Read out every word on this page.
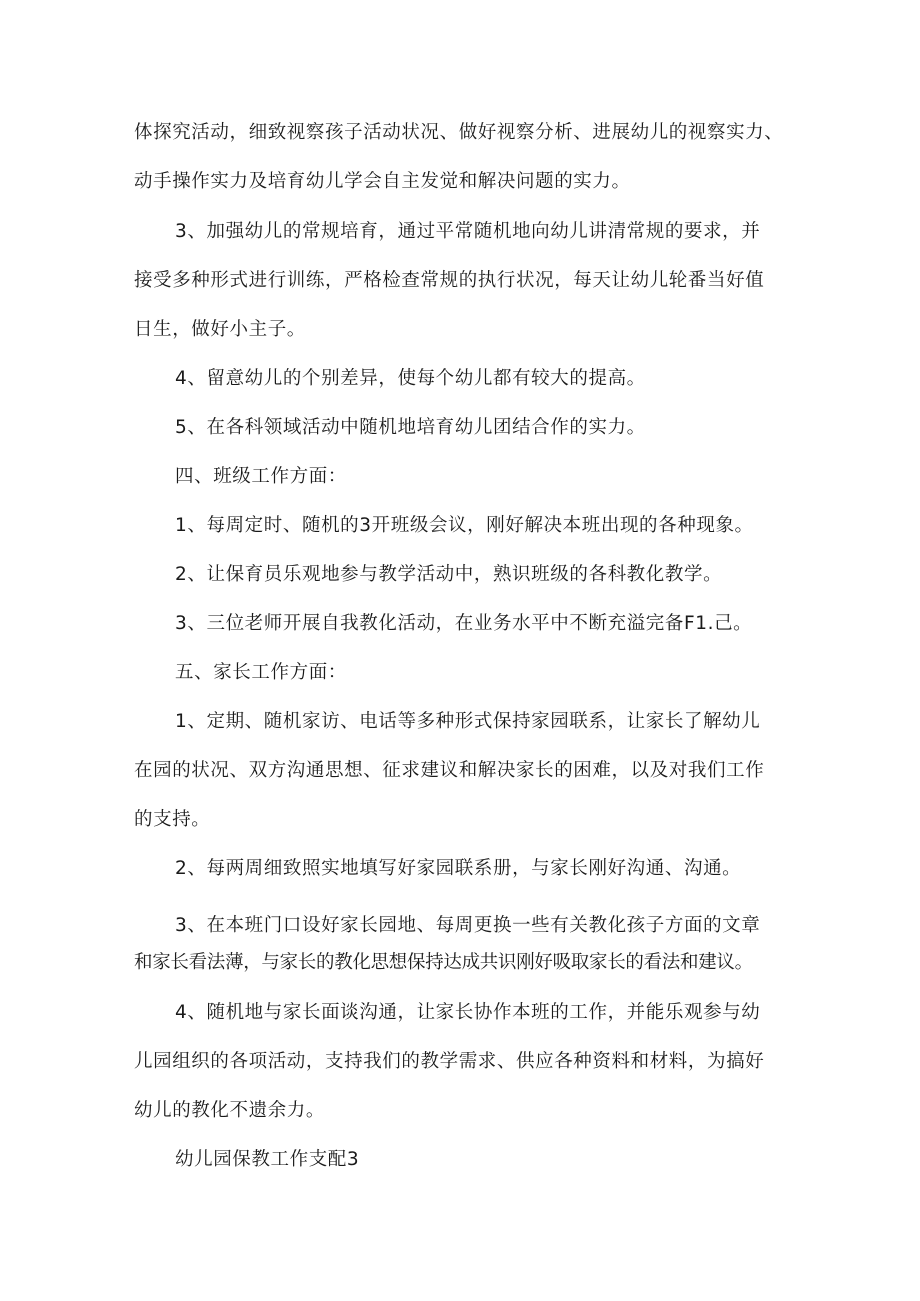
体探究活动，细致视察孩子活动状况、做好视察分析、进展幼儿的视察实力、
动手操作实力及培育幼儿学会自主发觉和解决问题的实力。
3、加强幼儿的常规培育，通过平常随机地向幼儿讲清常规的要求，并
接受多种形式进行训练，严格检查常规的执行状况，每天让幼儿轮番当好值
日生，做好小主子。
4、留意幼儿的个别差异，使每个幼儿都有较大的提高。
5、在各科领域活动中随机地培育幼儿团结合作的实力。
四、班级工作方面：
1、每周定时、随机的3开班级会议，刚好解决本班出现的各种现象。
2、让保育员乐观地参与教学活动中，熟识班级的各科教化教学。
3、三位老师开展自我教化活动，在业务水平中不断充溢完备F1.己。
五、家长工作方面：
1、定期、随机家访、电话等多种形式保持家园联系，让家长了解幼儿
在园的状况、双方沟通思想、征求建议和解决家长的困难，以及对我们工作
的支持。
2、每两周细致照实地填写好家园联系册，与家长刚好沟通、沟通。
3、在本班门口设好家长园地、每周更换一些有关教化孩子方面的文章
和家长看法薄，与家长的教化思想保持达成共识刚好吸取家长的看法和建议。
4、随机地与家长面谈沟通，让家长协作本班的工作，并能乐观参与幼
儿园组织的各项活动，支持我们的教学需求、供应各种资料和材料，为搞好
幼儿的教化不遗余力。
幼儿园保教工作支配3
